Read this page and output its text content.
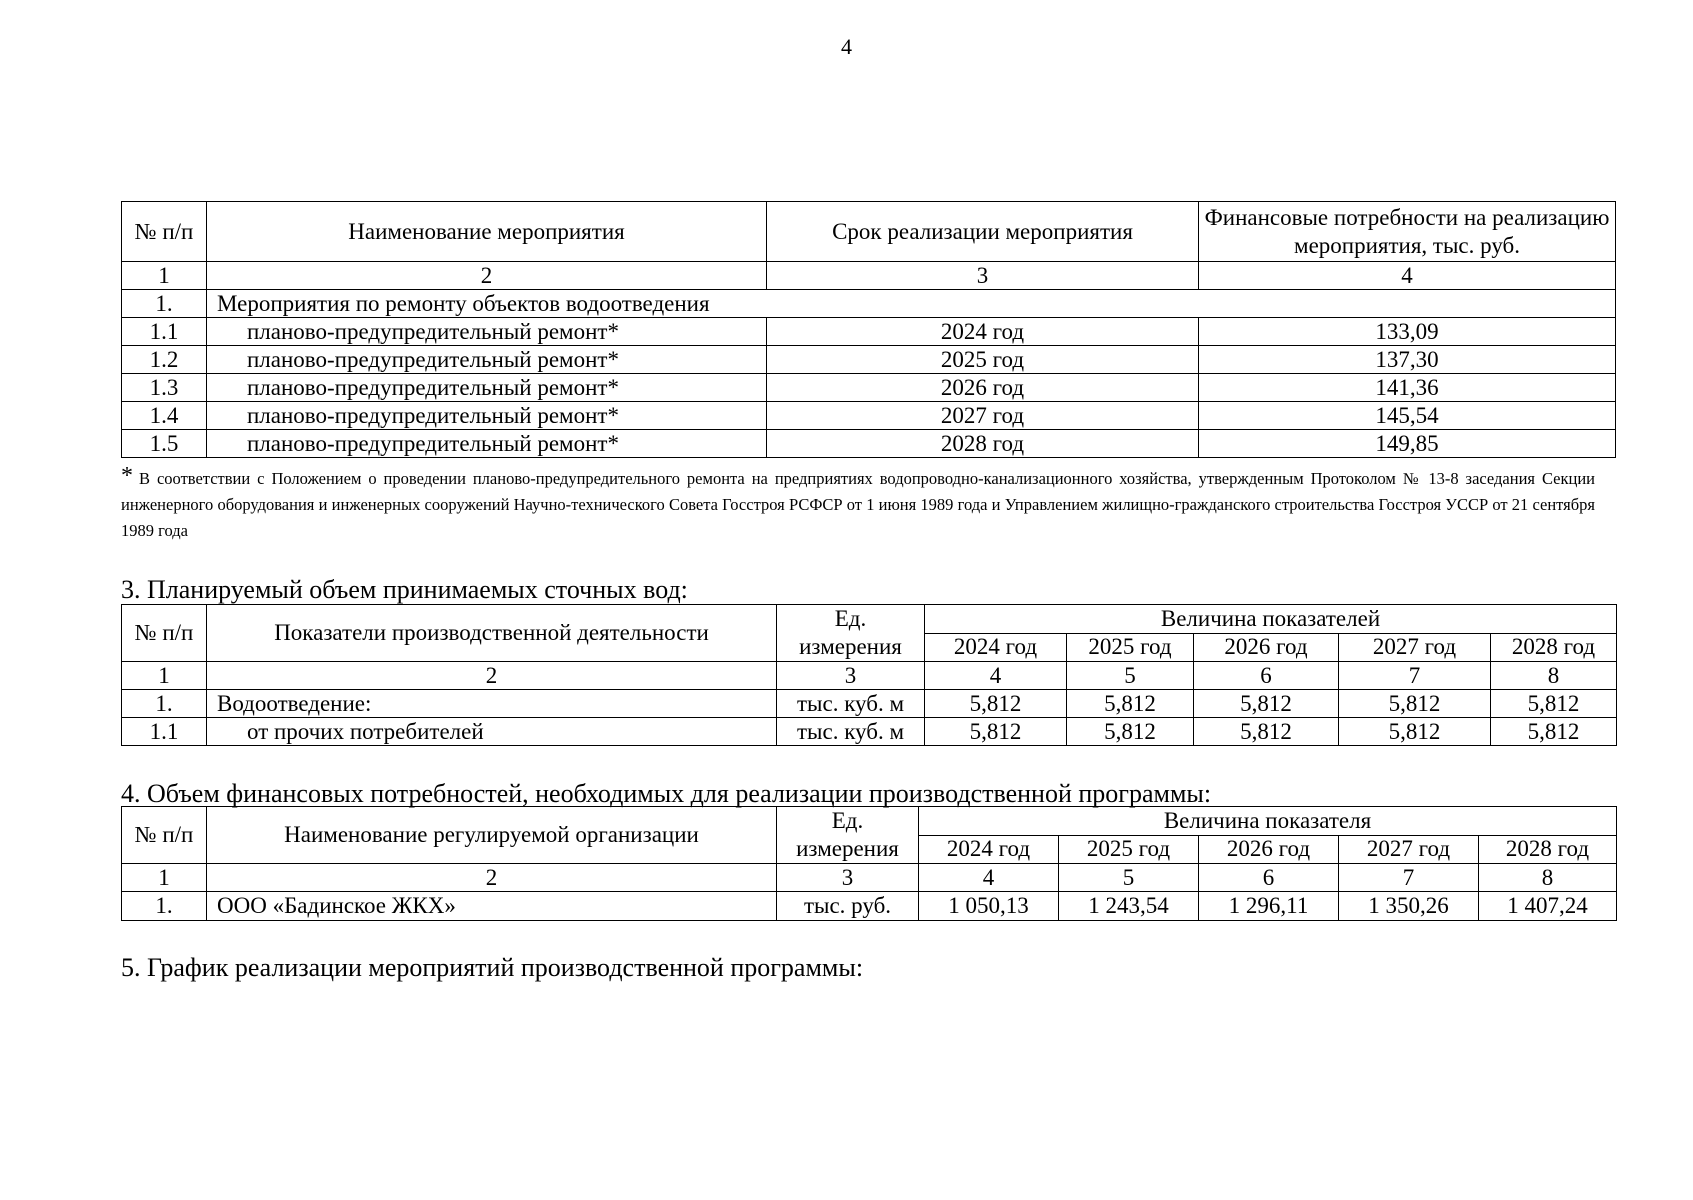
4
№ п/п	Наименование мероприятия	Срок реализации мероприятия	Финансовые потребности на реализацию мероприятия, тыс. руб.
1	2	3	4
1.	Мероприятия по ремонту объектов водоотведения		
1.1	планово-предупредительный ремонт*	2024 год	133,09
1.2	планово-предупредительный ремонт*	2025 год	137,30
1.3	планово-предупредительный ремонт*	2026 год	141,36
1.4	планово-предупредительный ремонт*	2027 год	145,54
1.5	планово-предупредительный ремонт*	2028 год	149,85
* В соответствии с Положением о проведении планово-предупредительного ремонта на предприятиях водопроводно-канализационного хозяйства, утвержденным Протоколом № 13-8 заседания Секции инженерного оборудования и инженерных сооружений Научно-технического Совета Госстроя РСФСР от 1 июня 1989 года и Управлением жилищно-гражданского строительства Госстроя УССР от 21 сентября 1989 года
3. Планируемый объем принимаемых сточных вод:
№ п/п	Показатели производственной деятельности	Ед. измерения	Величина показателей				
			2024 год	2025 год	2026 год	2027 год	2028 год
1	2	3	4	5	6	7	8
1.	Водоотведение:	тыс. куб. м	5,812	5,812	5,812	5,812	5,812
1.1	от прочих потребителей	тыс. куб. м	5,812	5,812	5,812	5,812	5,812
4. Объем финансовых потребностей, необходимых для реализации производственной программы:
№ п/п	Наименование регулируемой организации	Ед. измерения	Величина показателя				
			2024 год	2025 год	2026 год	2027 год	2028 год
1	2	3	4	5	6	7	8
1.	ООО «Бадинское ЖКХ»	тыс. руб.	1 050,13	1 243,54	1 296,11	1 350,26	1 407,24
5. График реализации мероприятий производственной программы:
